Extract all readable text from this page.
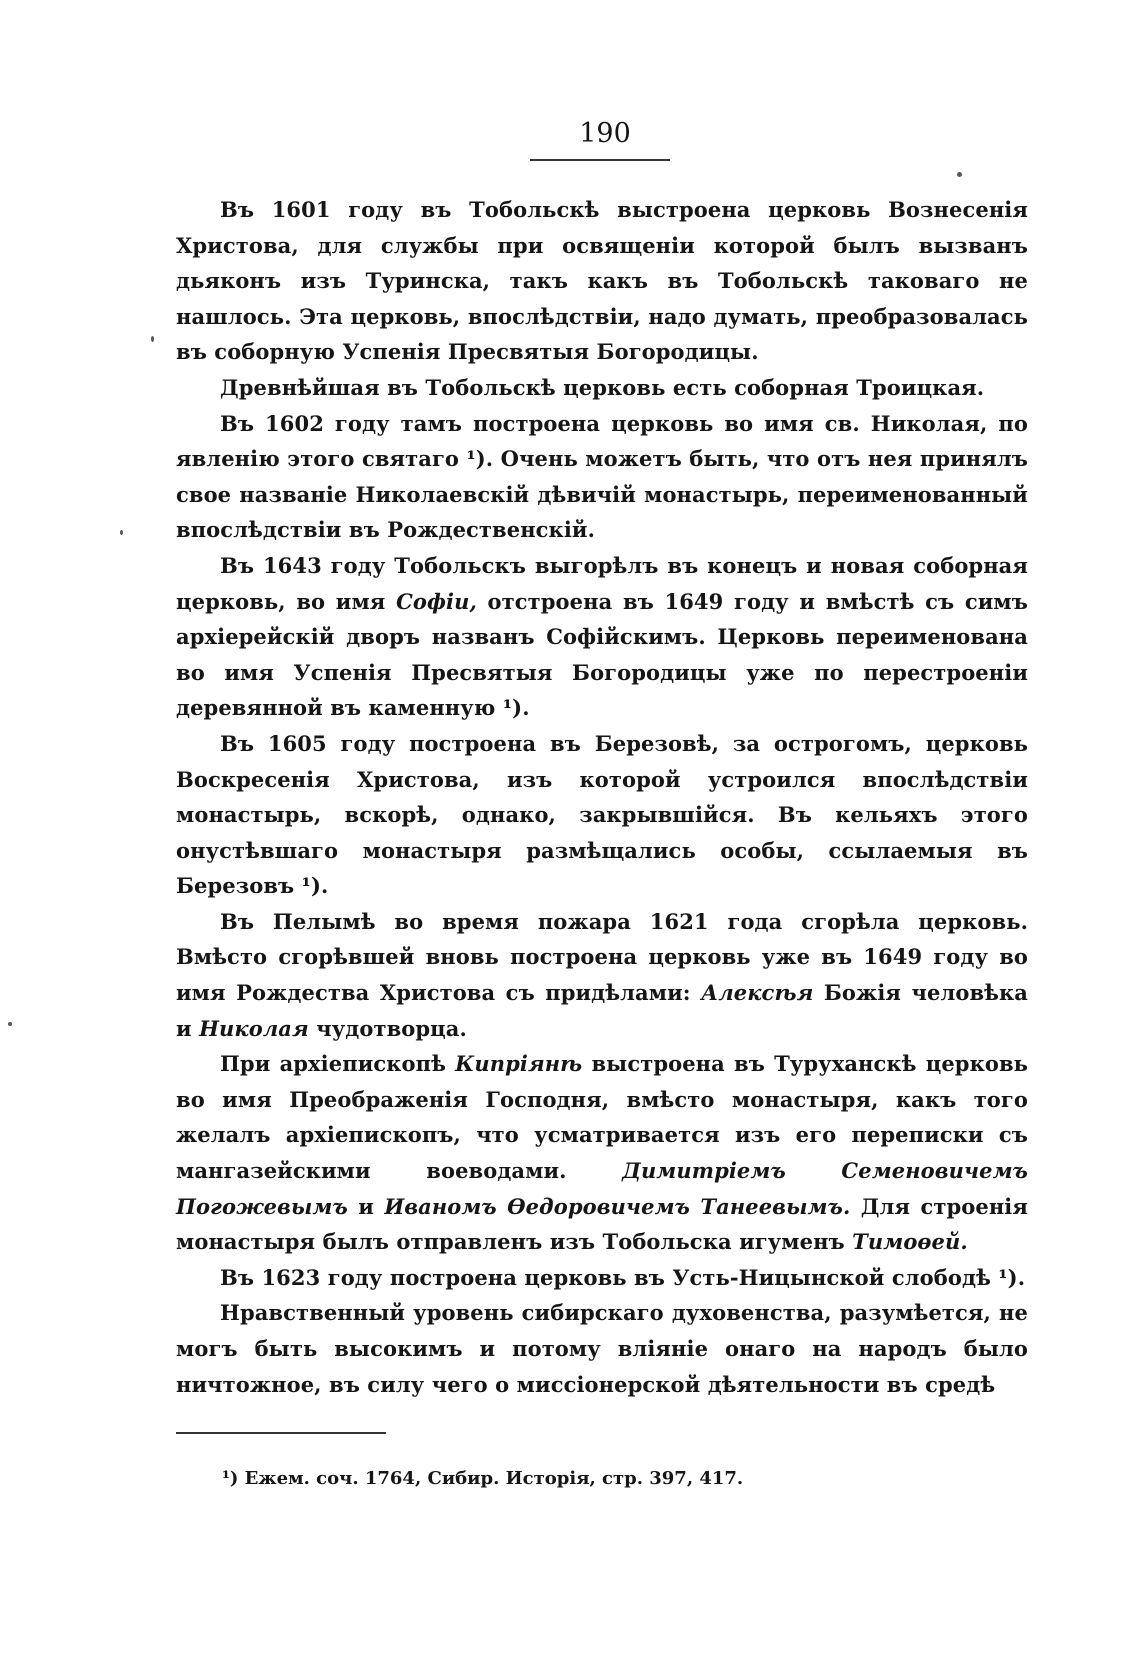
190

Въ 1601 году въ Тобольскѣ выстроена церковь Вознесенія Христова, для службы при освященіи которой былъ вызванъ дьяконъ изъ Туринска, такъ какъ въ Тобольскѣ таковаго не нашлось. Эта церковь, впослѣдствіи, надо думать, преобразовалась въ соборную Успенія Пресвятыя Богородицы.

Древнѣйшая въ Тобольскѣ церковь есть соборная Троицкая.

Въ 1602 году тамъ построена церковь во имя св. Николая, по явленію этого святаго ¹). Очень можетъ быть, что отъ нея принялъ свое названіе Николаевскій дѣвичій монастырь, переименованный впослѣдствіи въ Рождественскій.

Въ 1643 году Тобольскъ выгорѣлъ въ конецъ и новая соборная церковь, во имя Софіи, отстроена въ 1649 году и вмѣстѣ съ симъ архіерейскій дворъ названъ Софійскимъ. Церковь переименована во имя Успенія Пресвятыя Богородицы уже по перестроеніи деревянной въ каменную ¹).

Въ 1605 году построена въ Березовѣ, за острогомъ, церковь Воскресенія Христова, изъ которой устроился впослѣдствіи монастырь, вскорѣ, однако, закрывшійся. Въ кельяхъ этого онустѣвшаго монастыря размѣщались особы, ссылаемыя въ Березовъ ¹).

Въ Пелымѣ во время пожара 1621 года сгорѣла церковь. Вмѣсто сгорѣвшей вновь построена церковь уже въ 1649 году во имя Рождества Христова съ придѣлами: Алексѣя Божія человѣка и Николая чудотворца.

При архіепископѣ Кипріянѣ выстроена въ Туруханскѣ церковь во имя Преображенія Господня, вмѣсто монастыря, какъ того желалъ архіепископъ, что усматривается изъ его переписки съ мангазейскими воеводами. Димитріемъ Семеновичемъ Погожевымъ и Иваномъ Өедоровичемъ Танеевымъ. Для строенія монастыря былъ отправленъ изъ Тобольска игуменъ Тимоөей.

Въ 1623 году построена церковь въ Усть-Ницынской слободѣ ¹).

Нравственный уровень сибирскаго духовенства, разумѣется, не могъ быть высокимъ и потому вліяніе онаго на народъ было ничтожное, въ силу чего о миссіонерской дѣятельности въ средѣ

¹) Ежем. соч. 1764, Сибир. Исторія, стр. 397, 417.
